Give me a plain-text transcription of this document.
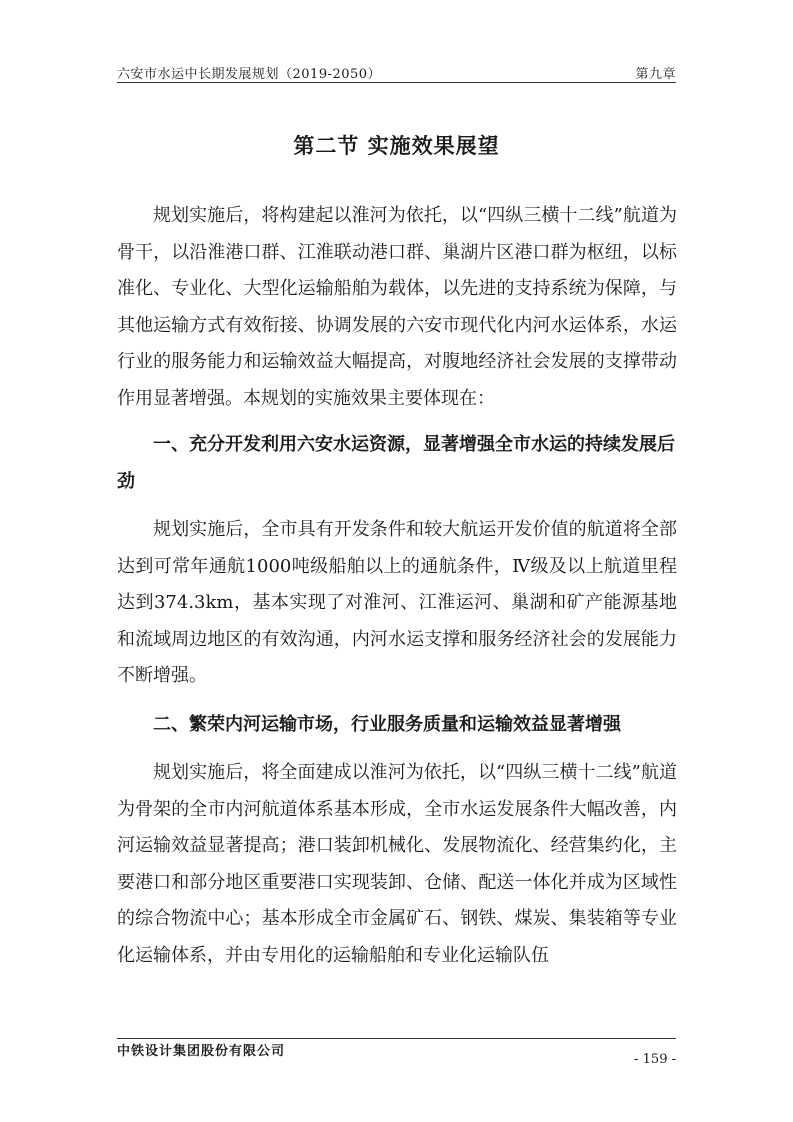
六安市水运中长期发展规划（2019-2050）	第九章
第二节 实施效果展望

规划实施后，将构建起以淮河为依托，以“四纵三横十二线”航道为骨干，以沿淮港口群、江淮联动港口群、巢湖片区港口群为枢纽，以标准化、专业化、大型化运输船舶为载体，以先进的支持系统为保障，与其他运输方式有效衔接、协调发展的六安市现代化内河水运体系，水运行业的服务能力和运输效益大幅提高，对腹地经济社会发展的支撑带动作用显著增强。本规划的实施效果主要体现在：

一、充分开发利用六安水运资源，显著增强全市水运的持续发展后劲

规划实施后，全市具有开发条件和较大航运开发价值的航道将全部达到可常年通航1000吨级船舶以上的通航条件，Ⅳ级及以上航道里程达到374.3km，基本实现了对淮河、江淮运河、巢湖和矿产能源基地和流域周边地区的有效沟通，内河水运支撑和服务经济社会的发展能力不断增强。

二、繁荣内河运输市场，行业服务质量和运输效益显著增强

规划实施后，将全面建成以淮河为依托，以“四纵三横十二线”航道为骨架的全市内河航道体系基本形成，全市水运发展条件大幅改善，内河运输效益显著提高；港口装卸机械化、发展物流化、经营集约化，主要港口和部分地区重要港口实现装卸、仓储、配送一体化并成为区域性的综合物流中心；基本形成全市金属矿石、钢铁、煤炭、集装箱等专业化运输体系，并由专用化的运输船舶和专业化运输队伍

中铁设计集团股份有限公司
- 159 -
